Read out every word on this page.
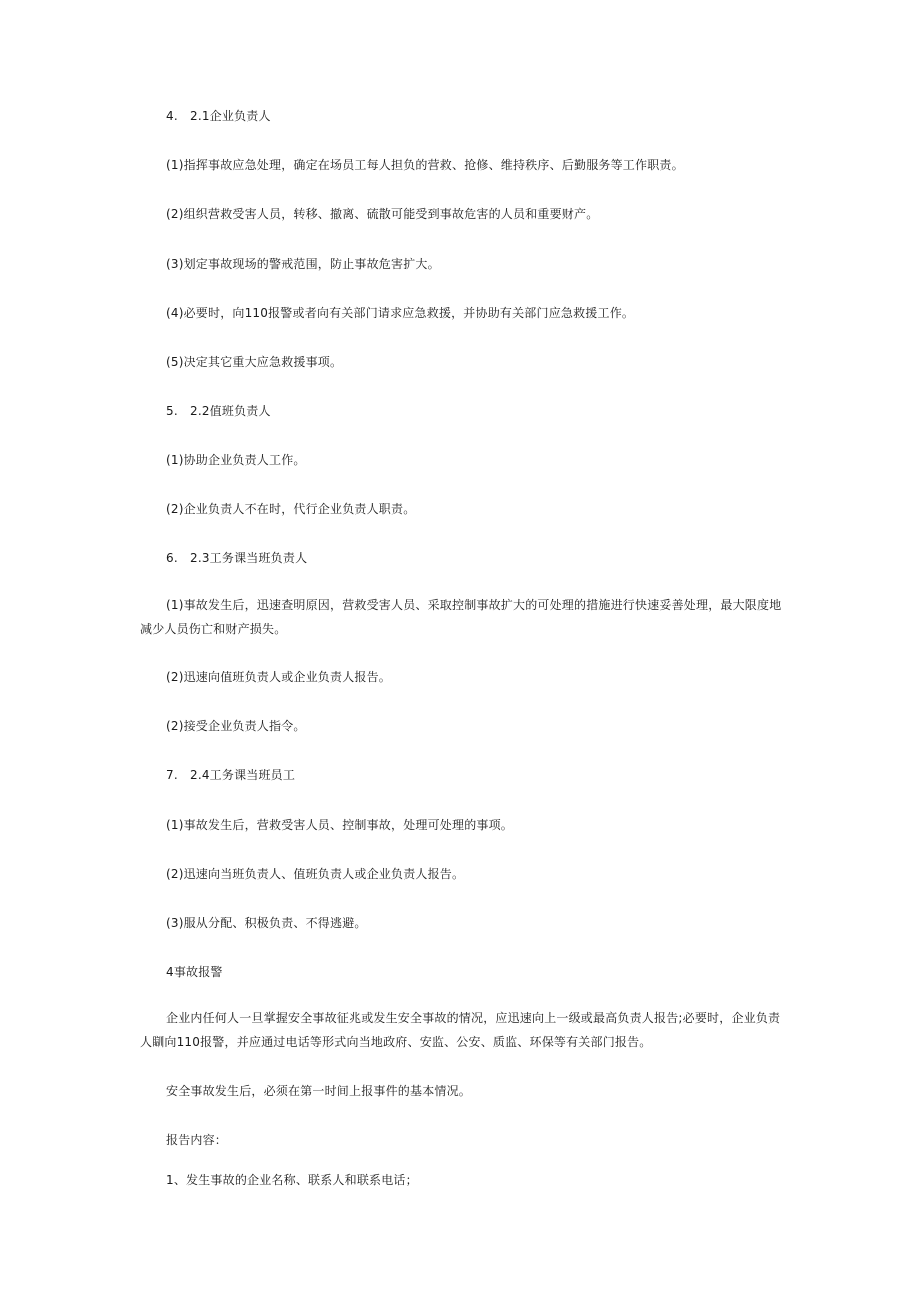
4. 2.1企业负责人
(1)指挥事故应急处理，确定在场员工每人担负的营救、抢修、维持秩序、后勤服务等工作职责。
(2)组织营救受害人员，转移、撤离、硫散可能受到事故危害的人员和重要财产。
(3)划定事故现场的警戒范围，防止事故危害扩大。
(4)必要时，向110报警或者向有关部门请求应急救援，并协助有关部门应急救援工作。
(5)决定其它重大应急救援事项。
5. 2.2值班负责人
(1)协助企业负责人工作。
(2)企业负责人不在时，代行企业负责人职责。
6. 2.3工务课当班负责人
(1)事故发生后，迅速查明原因，营救受害人员、采取控制事故扩大的可处理的措施进行快速妥善处理，最大限度地减少人员伤亡和财产损失。
(2)迅速向值班负责人或企业负责人报告。
(2)接受企业负责人指令。
7. 2.4工务课当班员工
(1)事故发生后，营救受害人员、控制事故，处理可处理的事项。
(2)迅速向当班负责人、值班负责人或企业负责人报告。
(3)服从分配、积极负责、不得逃避。
4事故报警
企业内任何人一旦掌握安全事故征兆或发生安全事故的情况，应迅速向上一级或最高负责人报告;必要时，企业负责人瞓向110报警，并应通过电话等形式向当地政府、安监、公安、质监、环保等有关部门报告。
安全事故发生后，必须在第一时间上报事件的基本情况。
报告内容：
1、发生事故的企业名称、联系人和联系电话；
